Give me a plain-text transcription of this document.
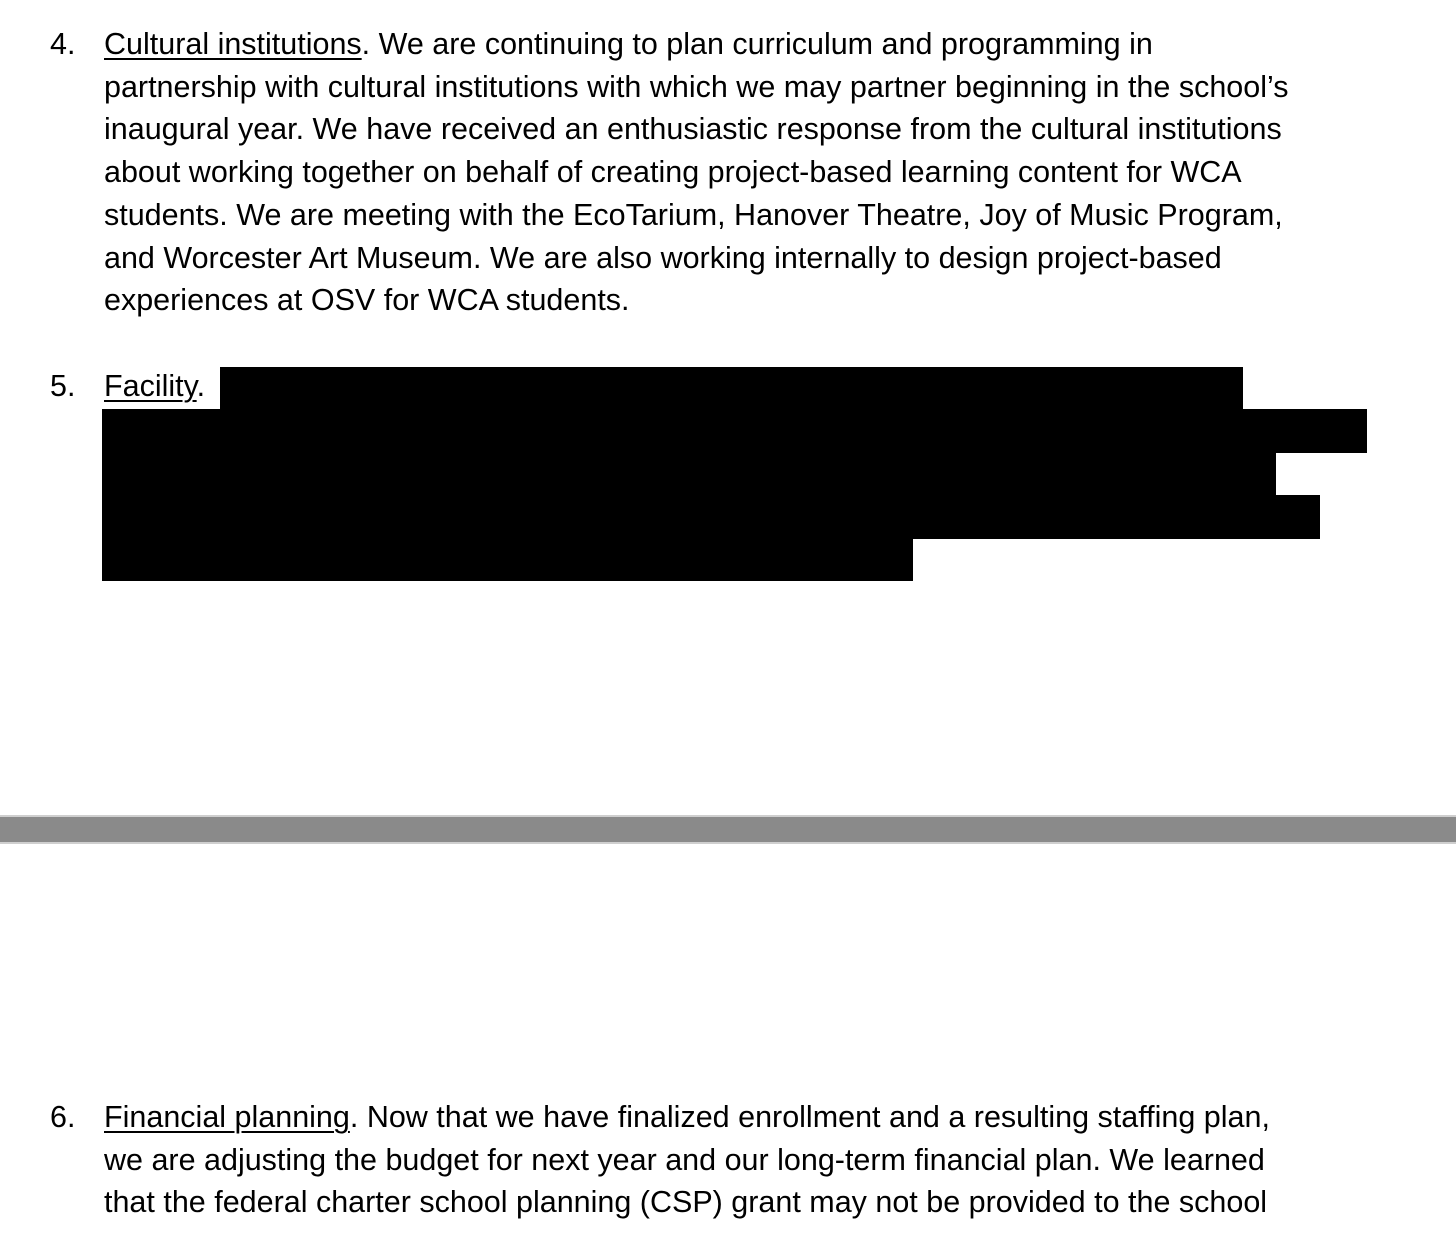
4. Cultural institutions. We are continuing to plan curriculum and programming in
partnership with cultural institutions with which we may partner beginning in the school’s
inaugural year. We have received an enthusiastic response from the cultural institutions
about working together on behalf of creating project-based learning content for WCA
students. We are meeting with the EcoTarium, Hanover Theatre, Joy of Music Program,
and Worcester Art Museum. We are also working internally to design project-based
experiences at OSV for WCA students.
5. Facility.
6. Financial planning. Now that we have finalized enrollment and a resulting staffing plan,
we are adjusting the budget for next year and our long-term financial plan. We learned
that the federal charter school planning (CSP) grant may not be provided to the school
